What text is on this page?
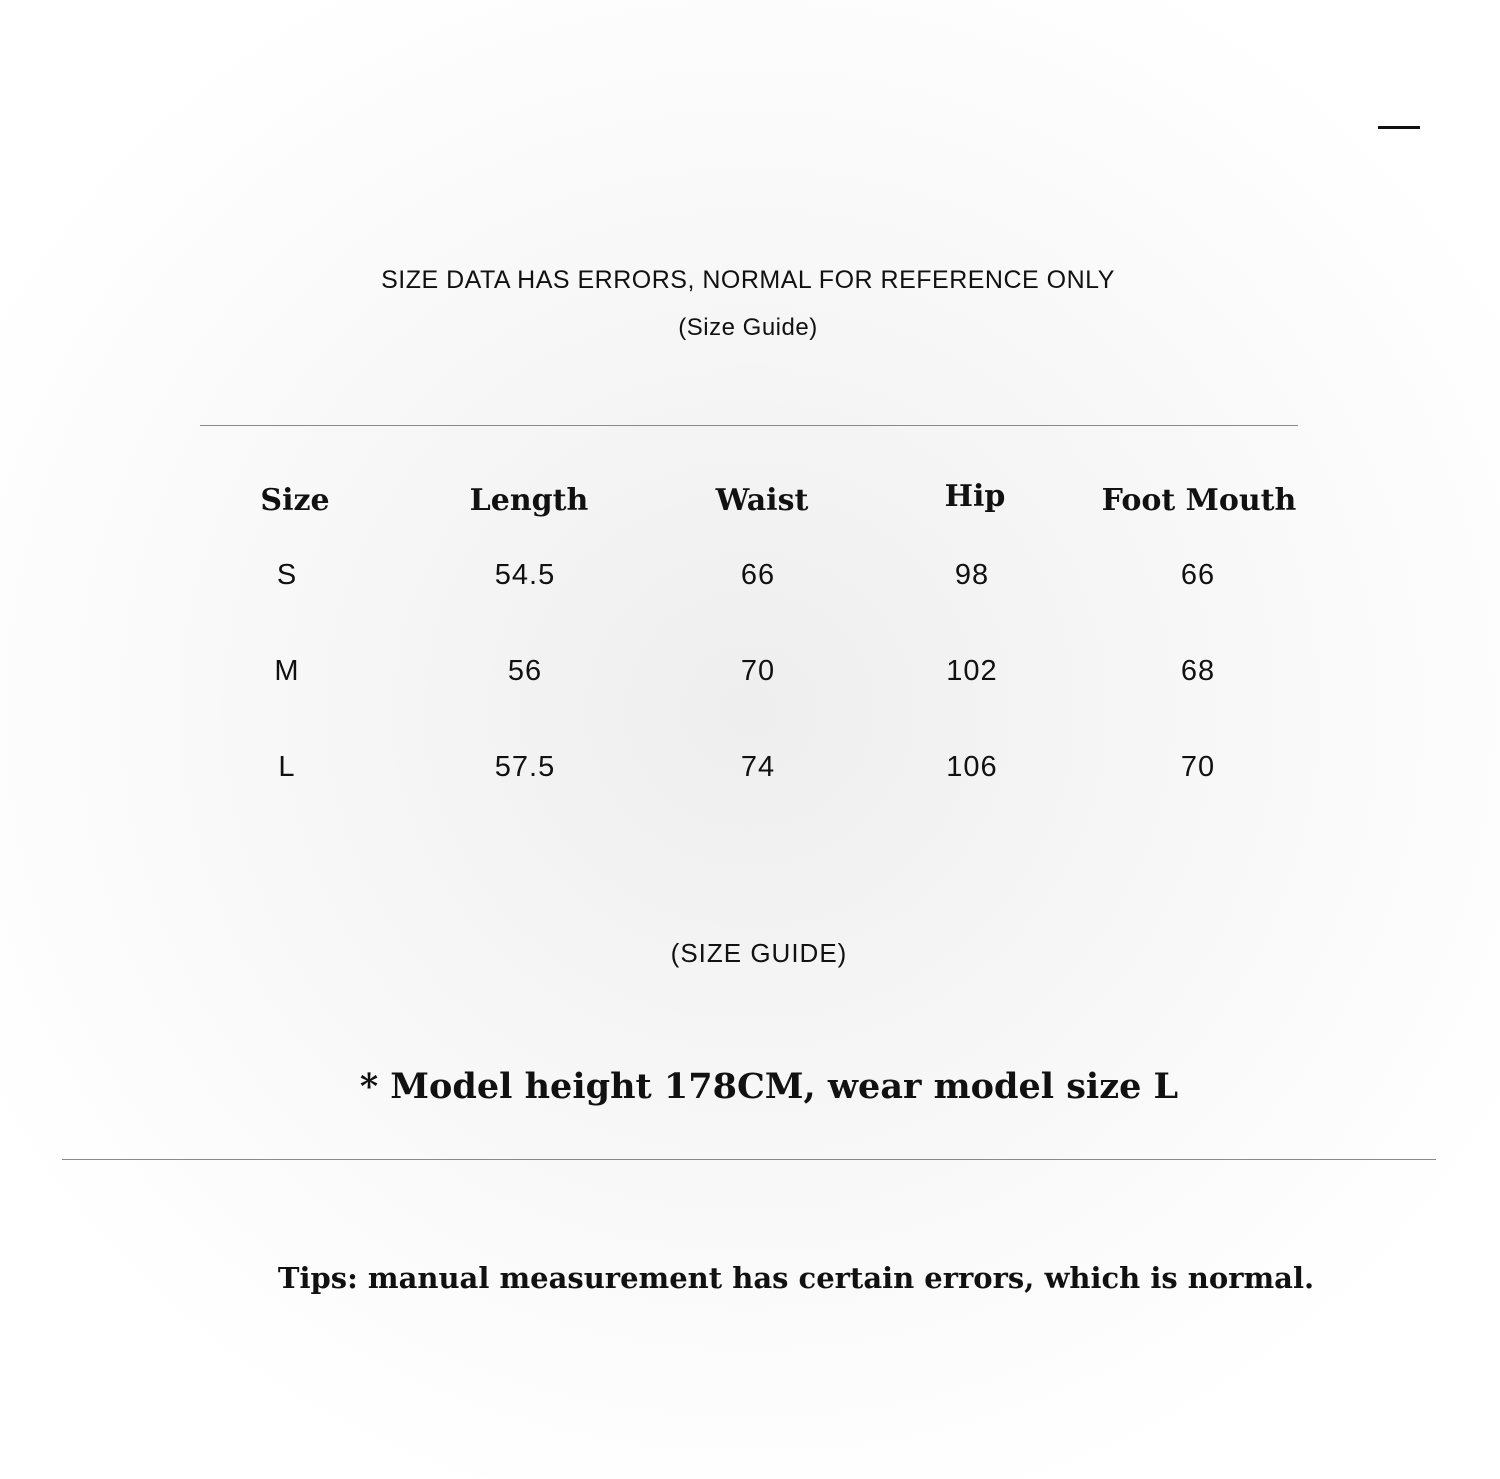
SIZE DATA HAS ERRORS, NORMAL FOR REFERENCE ONLY
(Size Guide)
Size	Length	Waist	Hip	Foot Mouth
S	54.5	66	98	66
M	56	70	102	68
L	57.5	74	106	70
(SIZE GUIDE)
* Model height 178CM, wear model size L
Tips: manual measurement has certain errors, which is normal.
